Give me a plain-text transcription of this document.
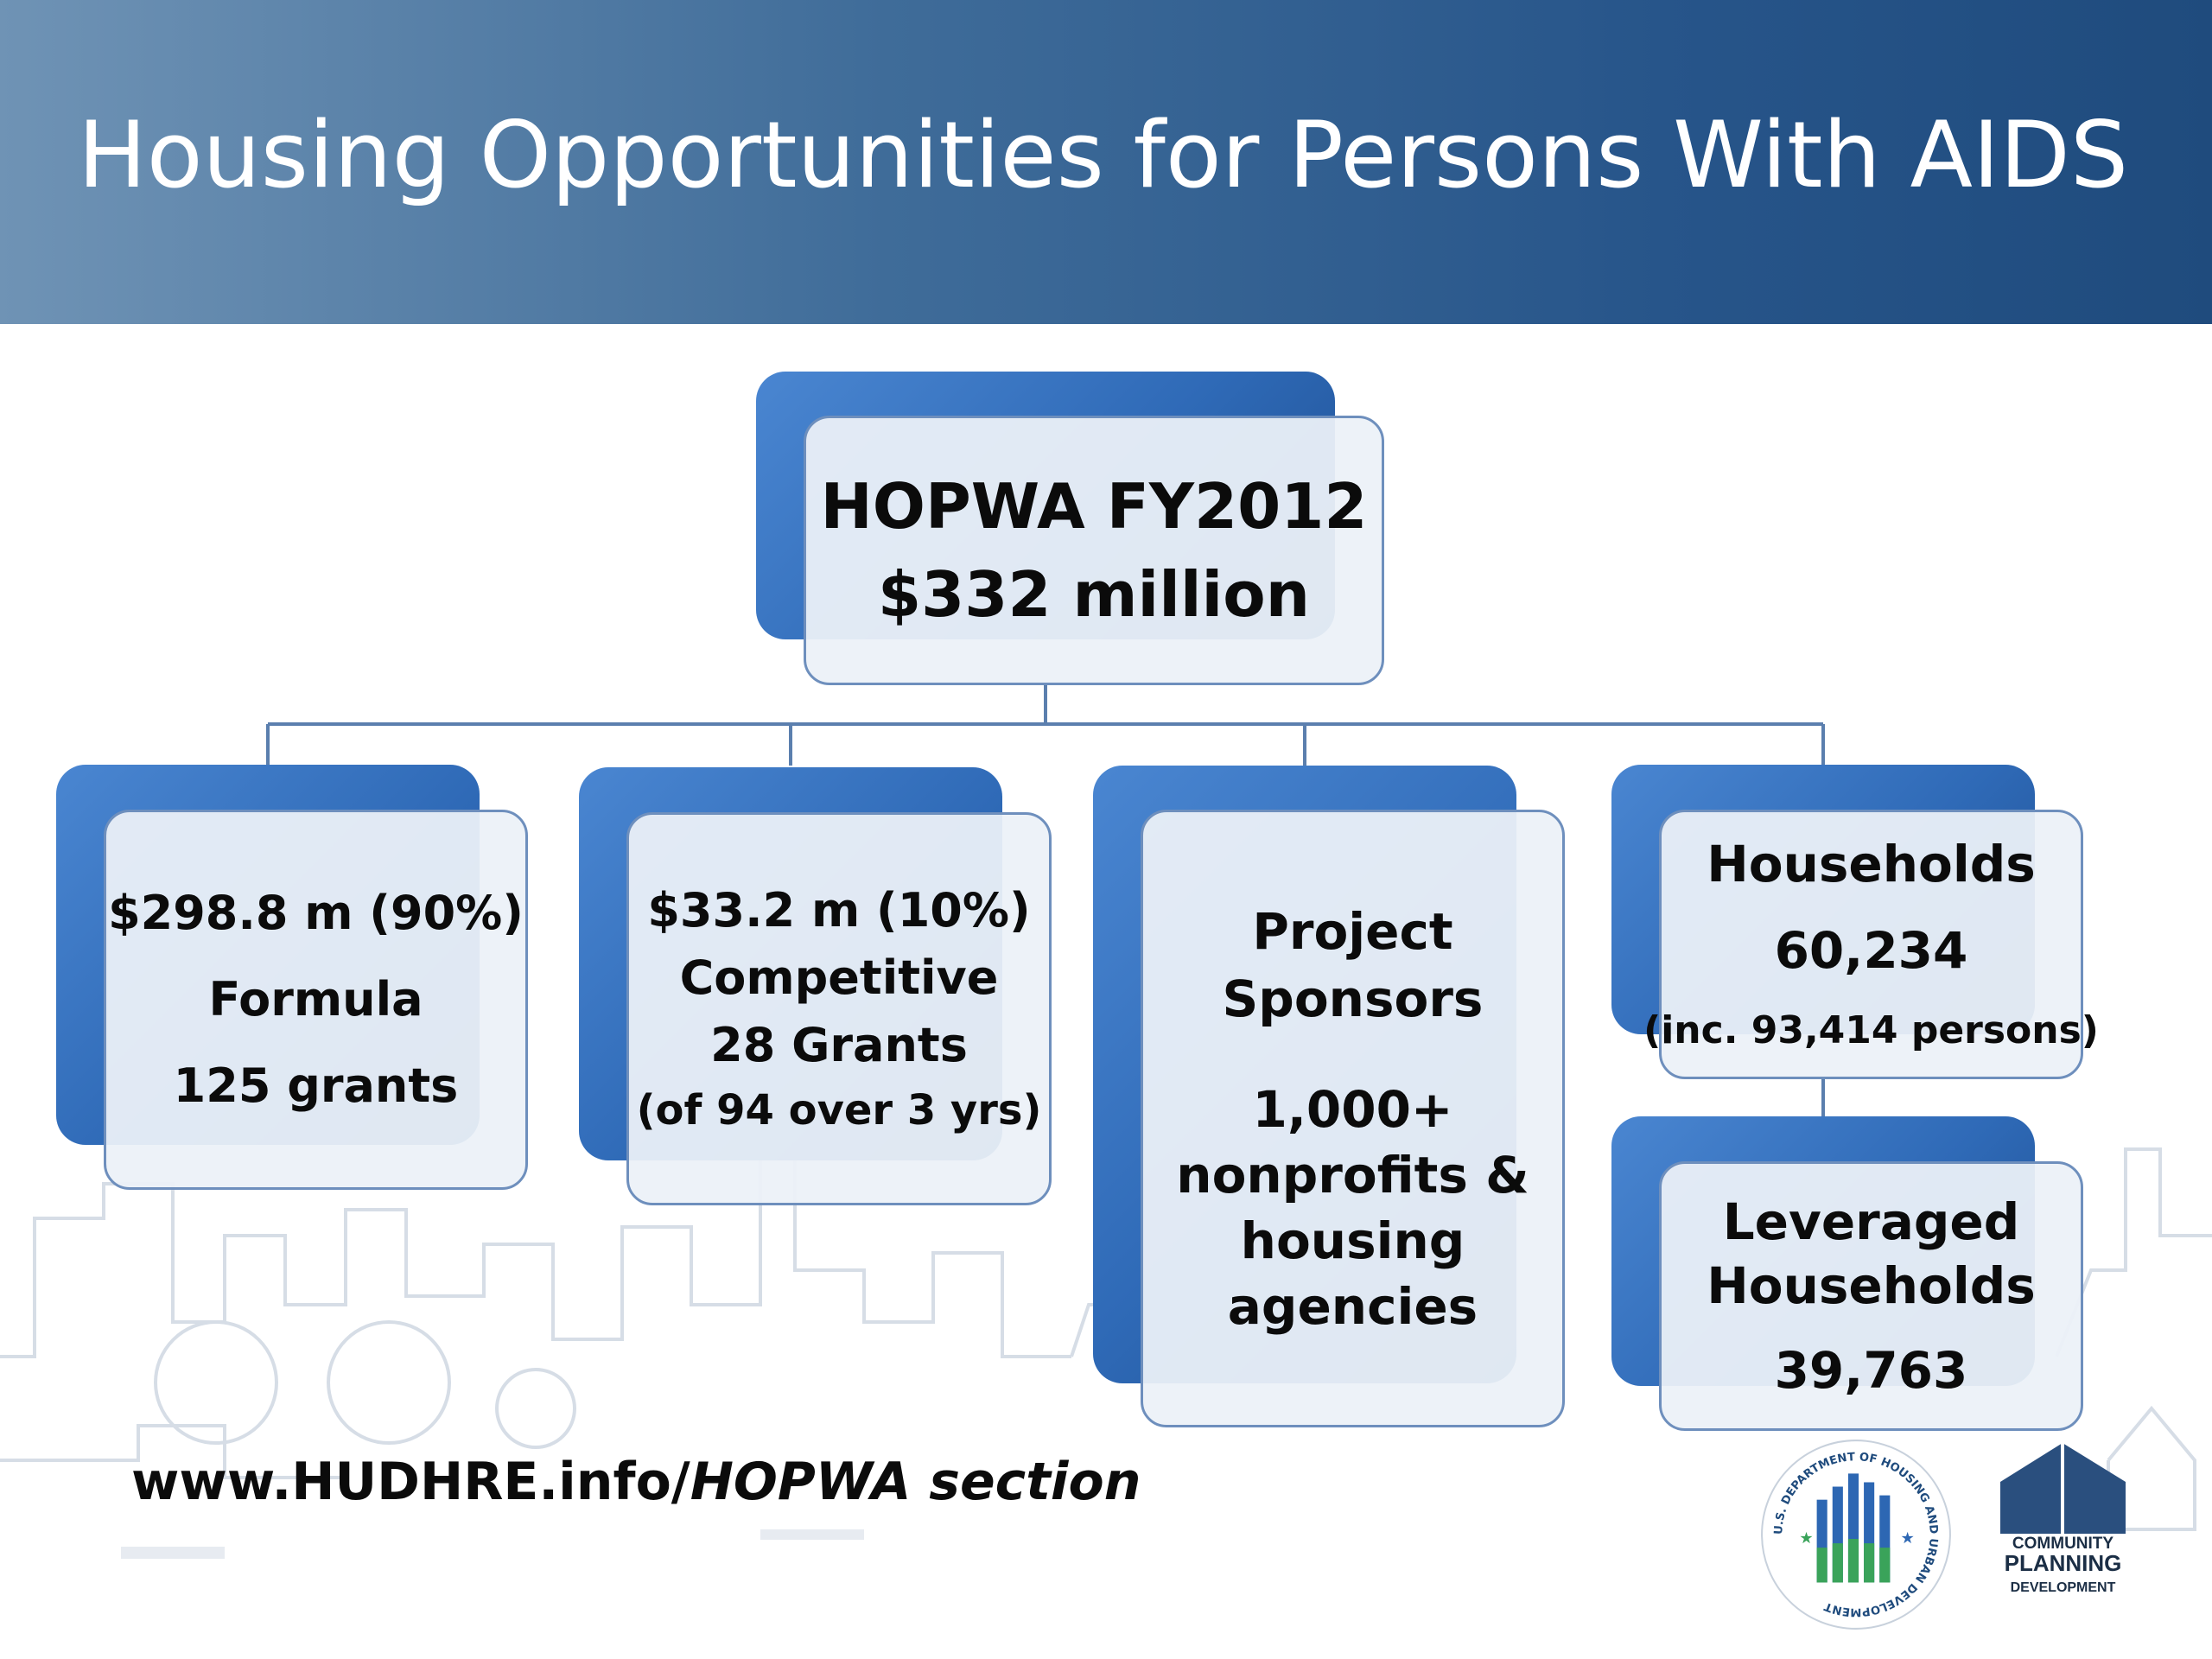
Housing Opportunities for Persons With AIDS
HOPWA FY2012
$332 million
$298.8 m (90%)
Formula
125 grants
$33.2 m (10%)
Competitive
28 Grants
(of 94 over 3 yrs)
Project
Sponsors
1,000+
nonprofits &
housing
agencies
Households
60,234
(inc. 93,414 persons)
Leveraged
Households
39,763
www.HUDHRE.info/HOPWA section
★	★
U.S. DEPARTMENT OF HOUSING AND URBAN DEVELOPMENT
COMMUNITY
PLANNING
DEVELOPMENT
